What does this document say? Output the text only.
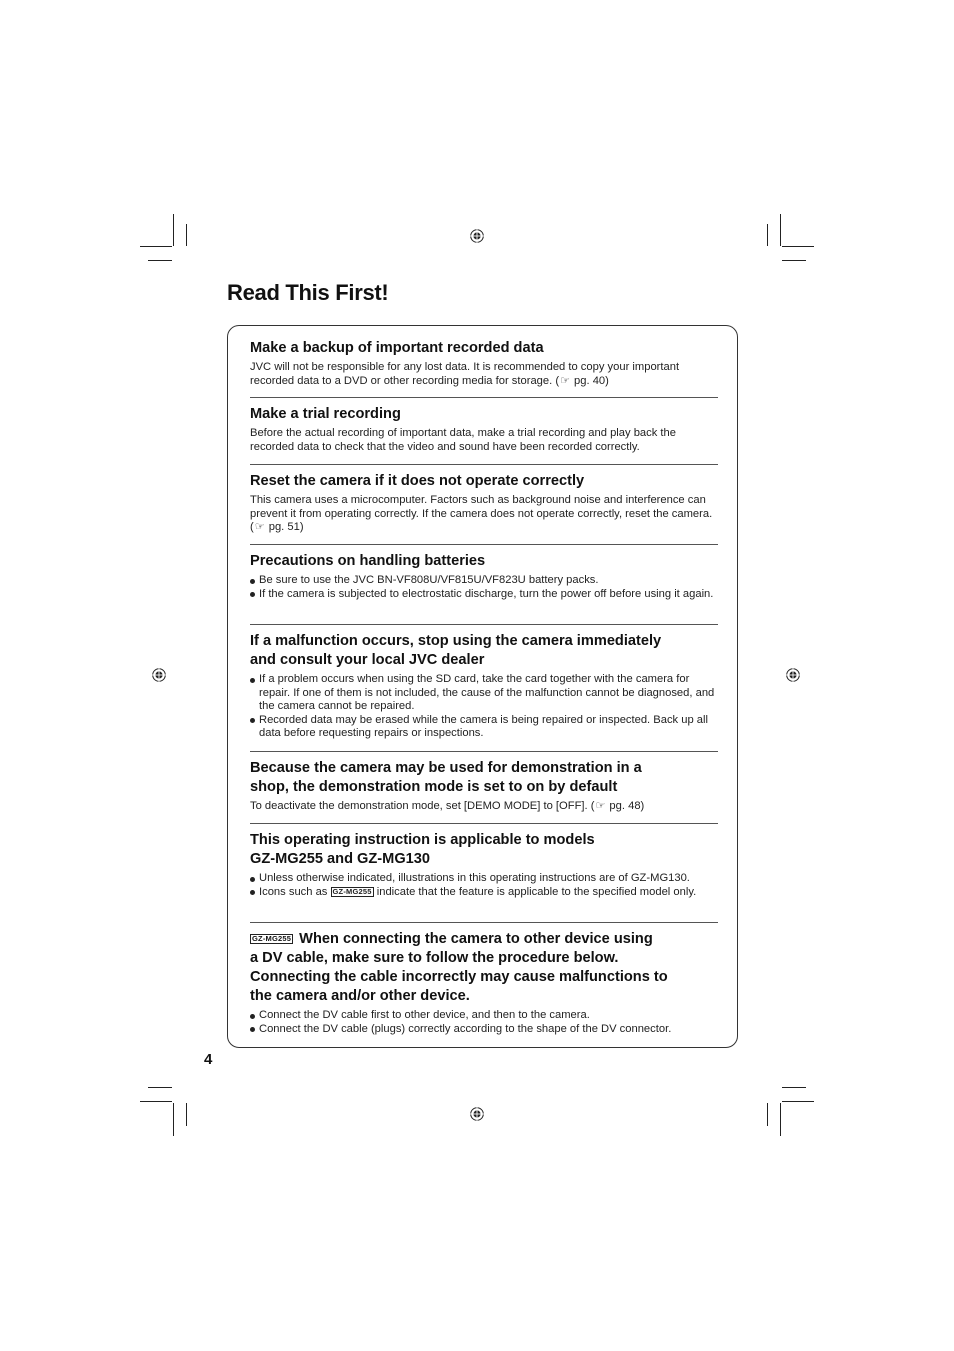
Read This First!
Make a backup of important recorded data

JVC will not be responsible for any lost data. It is recommended to copy your important recorded data to a DVD or other recording media for storage. (☞ pg. 40)

Make a trial recording

Before the actual recording of important data, make a trial recording and play back the recorded data to check that the video and sound have been recorded correctly.

Reset the camera if it does not operate correctly

This camera uses a microcomputer. Factors such as background noise and interference can prevent it from operating correctly. If the camera does not operate correctly, reset the camera. (☞ pg. 51)

Precautions on handling batteries
Be sure to use the JVC BN-VF808U/VF815U/VF823U battery packs.
If the camera is subjected to electrostatic discharge, turn the power off before using it again.
If a malfunction occurs, stop using the camera immediately
and consult your local JVC dealer
If a problem occurs when using the SD card, take the card together with the camera for repair. If one of them is not included, the cause of the malfunction cannot be diagnosed, and the camera cannot be repaired.
Recorded data may be erased while the camera is being repaired or inspected. Back up all data before requesting repairs or inspections.
Because the camera may be used for demonstration in a
shop, the demonstration mode is set to on by default

To deactivate the demonstration mode, set [DEMO MODE] to [OFF]. (☞ pg. 48)

This operating instruction is applicable to models
GZ-MG255 and GZ-MG130
Unless otherwise indicated, illustrations in this operating instructions are of GZ-MG130.
Icons such as GZ-MG255 indicate that the feature is applicable to the specified model only.
GZ-MG255 When connecting the camera to other device using
a DV cable, make sure to follow the procedure below.
Connecting the cable incorrectly may cause malfunctions to
the camera and/or other device.
Connect the DV cable first to other device, and then to the camera.
Connect the DV cable (plugs) correctly according to the shape of the DV connector.
4
